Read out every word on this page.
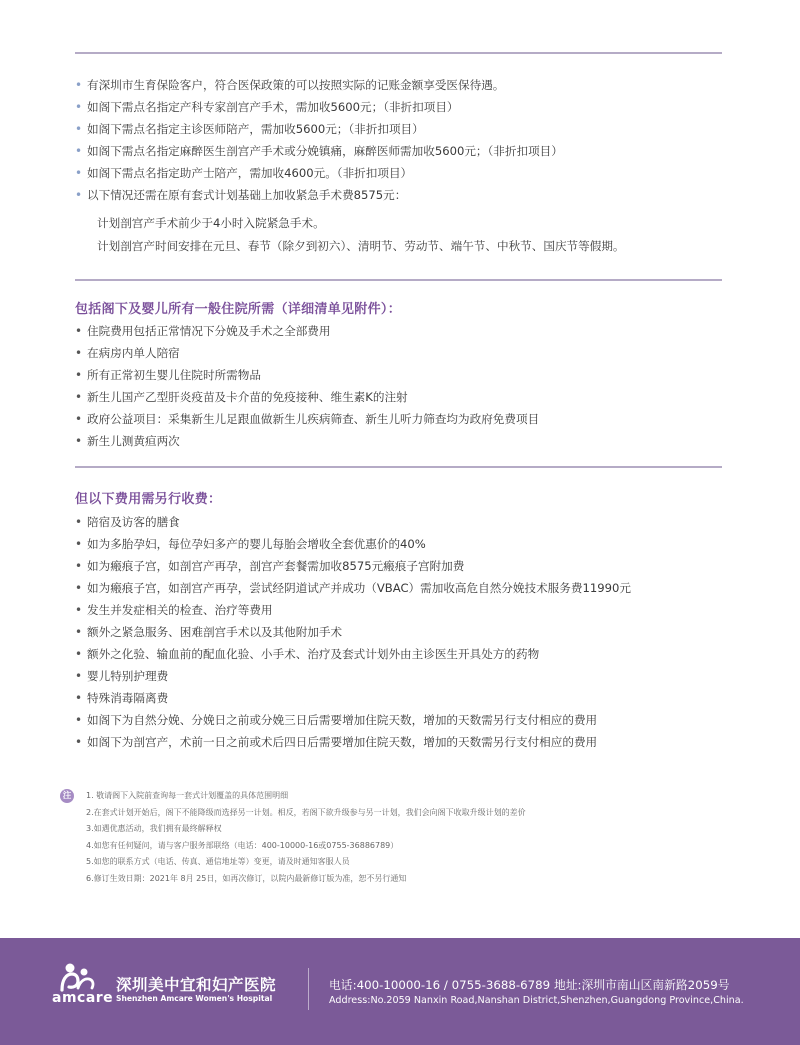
• 有深圳市生育保险客户，符合医保政策的可以按照实际的记账金额享受医保待遇。
• 如阁下需点名指定产科专家剖宫产手术，需加收5600元；（非折扣项目）
• 如阁下需点名指定主诊医师陪产，需加收5600元；（非折扣项目）
• 如阁下需点名指定麻醉医生剖宫产手术或分娩镇痛，麻醉医师需加收5600元；（非折扣项目）
• 如阁下需点名指定助产士陪产，需加收4600元。（非折扣项目）
• 以下情况还需在原有套式计划基础上加收紧急手术费8575元：
计划剖宫产手术前少于4小时入院紧急手术。
计划剖宫产时间安排在元旦、春节（除夕到初六）、清明节、劳动节、端午节、中秋节、国庆节等假期。
包括阁下及婴儿所有一般住院所需（详细清单见附件）：
• 住院费用包括正常情况下分娩及手术之全部费用
• 在病房内单人陪宿
• 所有正常初生婴儿住院时所需物品
• 新生儿国产乙型肝炎疫苗及卡介苗的免疫接种、维生素K的注射
• 政府公益项目：采集新生儿足跟血做新生儿疾病筛查、新生儿听力筛查均为政府免费项目
• 新生儿测黄疸两次
但以下费用需另行收费：
• 陪宿及访客的膳食
• 如为多胎孕妇，每位孕妇多产的婴儿每胎会增收全套优惠价的40%
• 如为瘢痕子宫，如剖宫产再孕，剖宫产套餐需加收8575元瘢痕子宫附加费
• 如为瘢痕子宫，如剖宫产再孕，尝试经阴道试产并成功（VBAC）需加收高危自然分娩技术服务费11990元
• 发生并发症相关的检查、治疗等费用
• 额外之紧急服务、困难剖宫手术以及其他附加手术
• 额外之化验、输血前的配血化验、小手术、治疗及套式计划外由主诊医生开具处方的药物
• 婴儿特别护理费
• 特殊消毒隔离费
• 如阁下为自然分娩、分娩日之前或分娩三日后需要增加住院天数，增加的天数需另行支付相应的费用
• 如阁下为剖宫产，术前一日之前或术后四日后需要增加住院天数，增加的天数需另行支付相应的费用
注	1. 敬请阁下入院前查询每一套式计划覆盖的具体范围明细
2.在套式计划开始后，阁下不能降级而选择另一计划。相反，若阁下欲升级参与另一计划，我们会向阁下收取升级计划的差价
3.如遇优惠活动，我们拥有最终解释权
4.如您有任何疑问，请与客户服务部联络（电话：400-10000-16或0755-36886789）
5.如您的联系方式（电话、传真、通信地址等）变更，请及时通知客服人员
6.修订生效日期：2021年 8月 25日，如再次修订，以院内最新修订版为准，恕不另行通知
amcare
深圳美中宜和妇产医院
Shenzhen Amcare Women's Hospital
电话:400-10000-16 / 0755-3688-6789 地址:深圳市南山区南新路2059号
Address:No.2059 Nanxin Road,Nanshan District,Shenzhen,Guangdong Province,China.
